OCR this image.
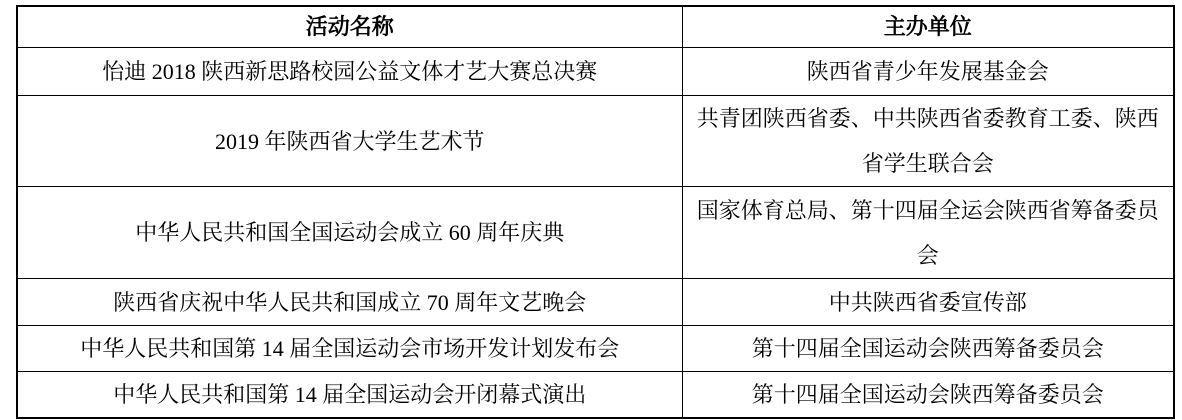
活动名称	主办单位
怡迪 2018 陕西新思路校园公益文体才艺大赛总决赛	陕西省青少年发展基金会
2019 年陕西省大学生艺术节	共青团陕西省委、中共陕西省委教育工委、陕西省学生联合会
中华人民共和国全国运动会成立 60 周年庆典	国家体育总局、第十四届全运会陕西省筹备委员会
陕西省庆祝中华人民共和国成立 70 周年文艺晚会	中共陕西省委宣传部
中华人民共和国第 14 届全国运动会市场开发计划发布会	第十四届全国运动会陕西筹备委员会
中华人民共和国第 14 届全国运动会开闭幕式演出	第十四届全国运动会陕西筹备委员会
